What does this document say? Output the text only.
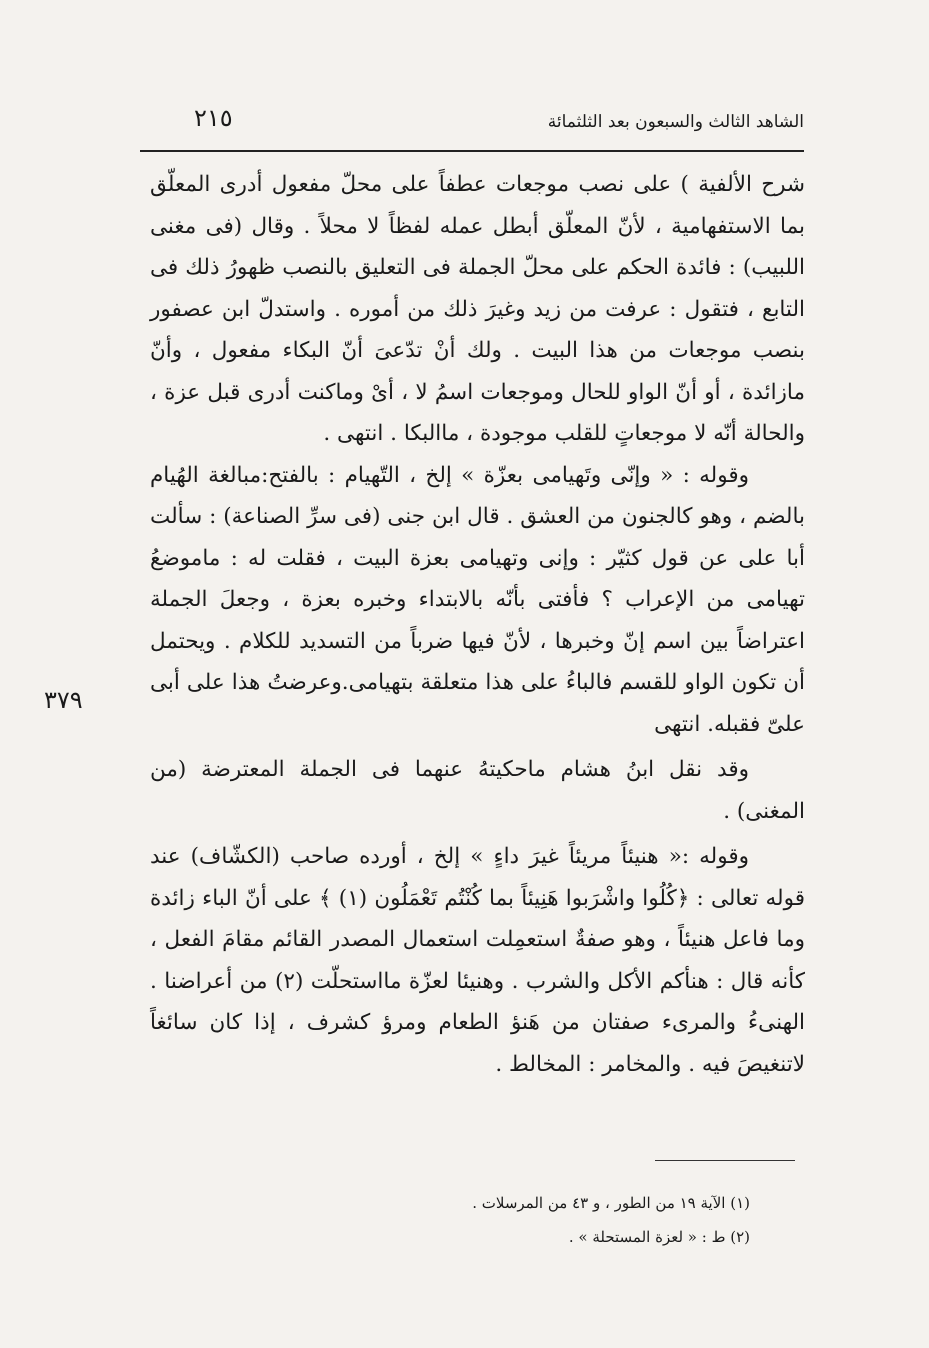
الشاهد الثالث والسبعون بعد الثلثمائة
٢١٥

شرح الألفية ) على نصب موجعات عطفاً على محلّ مفعول أدرى المعلّق بما الاستفهامية ، لأنّ المعلّق أبطل عمله لفظاً لا محلاً . وقال (فى مغنى اللبيب) : فائدة الحكم على محلّ الجملة فى التعليق بالنصب ظهورُ ذلك فى التابع ، فتقول : عرفت من زيد وغيرَ ذلك من أموره . واستدلّ ابن عصفور بنصب موجعات من هذا البيت . ولك أنْ تدّعىَ أنّ البكاء مفعول ، وأنّ مازائدة ، أو أنّ الواو للحال وموجعات اسمُ لا ، أىْ وماكنت أدرى قبل عزة ، والحالة أنّه لا موجعاتٍ للقلب موجودة ، ماالبكا . انتهى .

وقوله : « وإنّى وتَهيامى بعزّة » إلخ ، التّهيام : بالفتح:مبالغة الهُيام بالضم ، وهو كالجنون من العشق . قال ابن جنى (فى سرِّ الصناعة) : سألت أبا على عن قول كثيّر : وإنى وتهيامى بعزة البيت ، فقلت له : ماموضعُ تهيامى من الإعراب ؟ فأفتى بأنّه بالابتداء وخبره بعزة ، وجعلَ الجملة اعتراضاً بين اسم إنّ وخبرها ، لأنّ فيها ضرباً من التسديد للكلام . ويحتمل أن تكون الواو للقسم فالباءُ على هذا متعلقة بتهيامى.وعرضتُ هذا على أبى علىّ فقبله. انتهى

وقد نقل ابنُ هشام ماحكيتهُ عنهما فى الجملة المعترضة (من المغنى) .

وقوله :« هنيئاً مريئاً غيرَ داءٍ » إلخ ، أورده صاحب (الكشّاف) عند قوله تعالى : ﴿كُلُوا واشْرَبوا هَنِيئاً بما كُنْتُم تَعْمَلُون (١) ﴾ على أنّ الباء زائدة وما فاعل هنيئاً ، وهو صفةٌ استعمِلت استعمال المصدر القائم مقامَ الفعل ، كأنه قال : هنأكم الأكل والشرب . وهنيئا لعزّة مااستحلّت (٢) من أعراضنا . الهنىءُ والمرىء صفتان من هَنؤ الطعام ومرؤ كشرف ، إذا كان سائغاً لاتنغيصَ فيه . والمخامر : المخالط .

٣٧٩

(١) الآية ١٩ من الطور ، و ٤٣ من المرسلات .

(٢) ط : « لعزة المستحلة » .
